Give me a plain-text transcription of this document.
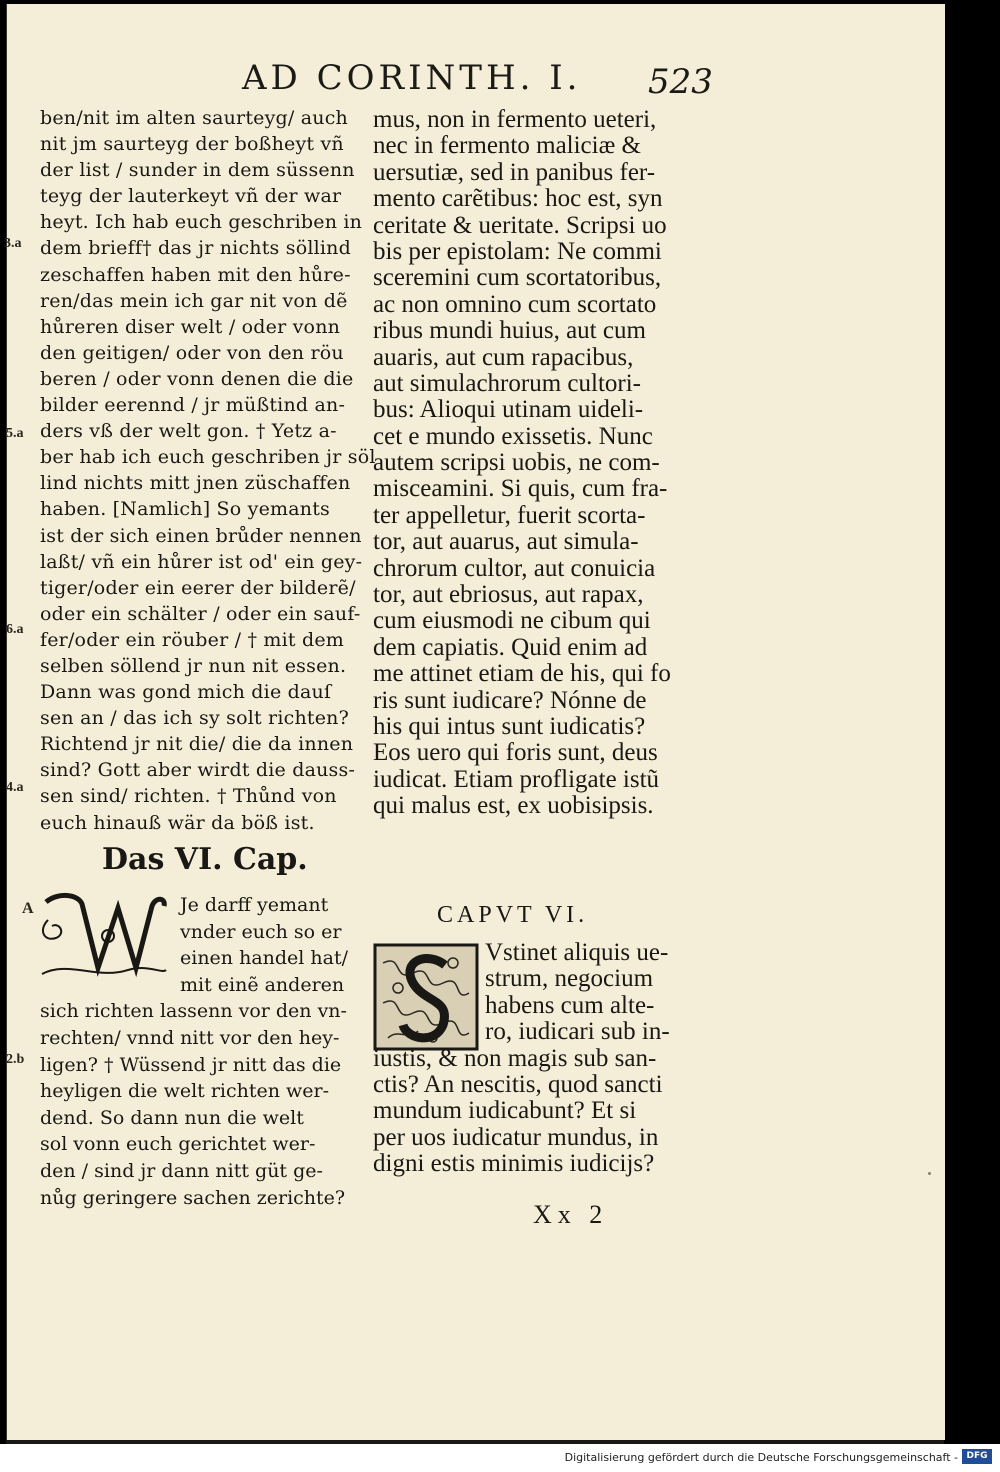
AD CORINTH. I. 523
ben/nit im alten saurteyg/ auch
nit jm saurteyg der boßheyt vñ
der list / sunder in dem süssenn
teyg der lauterkeyt vñ der war
heyt. Ich hab euch geschriben in
dem brieff† das jr nichts söllind
zeschaffen haben mit den hůre-
ren/das mein ich gar nit von dẽ
hůreren diser welt / oder vonn
den geitigen/ oder von den röu
beren / oder vonn denen die die
bilder eerennd / jr müßtind an-
ders vß der welt gon. † Yetz a-
ber hab ich euch geschriben jr söl
lind nichts mitt jnen züschaffen
haben. [Namlich] So yemants
ist der sich einen brůder nennen
laßt/ vñ ein hůrer ist od' ein gey-
tiger/oder ein eerer der bilderẽ/
oder ein schälter / oder ein sauf-
fer/oder ein röuber / † mit dem
selben söllend jr nun nit essen.
Dann was gond mich die dauſ
sen an / das ich sy solt richten?
Richtend jr nit die/ die da innen
sind? Gott aber wirdt die dauss-
sen sind/ richten. † Thůnd von
euch hinauß wär da böß ist.
Das VI. Cap.
Je darff yemant
vnder euch so er
einen handel hat/
mit einẽ anderen
sich richten lassenn vor den vn-
rechten/ vnnd nitt vor den hey-
ligen? † Wüssend jr nitt das die
heyligen die welt richten wer-
dend. So dann nun die welt
sol vonn euch gerichtet wer-
den / sind jr dann nitt güt ge-
nůg geringere sachen zerichte?
mus, non in fermento ueteri,
nec in fermento maliciæ &
uersutiæ, sed in panibus fer-
mento carẽtibus: hoc est, syn
ceritate & ueritate. Scripsi uo
bis per epistolam: Ne commi
sceremini cum scortatoribus,
ac non omnino cum scortato
ribus mundi huius, aut cum
auaris, aut cum rapacibus,
aut simulachrorum cultori-
bus: Alioqui utinam uideli-
cet e mundo exissetis. Nunc
autem scripsi uobis, ne com-
misceamini. Si quis, cum fra-
ter appelletur, fuerit scorta-
tor, aut auarus, aut simula-
chrorum cultor, aut conuicia
tor, aut ebriosus, aut rapax,
cum eiusmodi ne cibum qui
dem capiatis. Quid enim ad
me attinet etiam de his, qui fo
ris sunt iudicare? Nónne de
his qui intus sunt iudicatis?
Eos uero qui foris sunt, deus
iudicat. Etiam profligate istũ
qui malus est, ex uobisipsis.
CAPVT VI.
Vstinet aliquis ue-
strum, negocium
habens cum alte-
ro, iudicari sub in-
iustis, & non magis sub san-
ctis? An nescitis, quod sancti
mundum iudicabunt? Et si
per uos iudicatur mundus, in
digni estis minimis iudicijs?
Xx 2
3.a
5.a
6.a
4.a
A
2.b
Digitalisierung gefördert durch die Deutsche Forschungsgemeinschaft - DFG
